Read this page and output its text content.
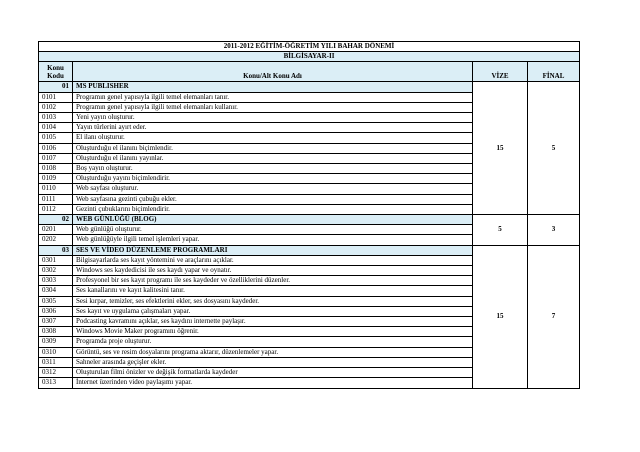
2011-2012 EĞİTİM-ÖĞRETİM YILI BAHAR DÖNEMİ			
BİLGİSAYAR-II			
Konu
Kodu	Konu/Alt Konu Adı	VİZE	FİNAL
01	MS PUBLISHER	15	5
0101	Programın genel yapısıyla ilgili temel elemanları tanır.		
0102	Programın genel yapısıyla ilgili temel elemanları kullanır.		
0103	Yeni yayın oluşturur.		
0104	Yayın türlerini ayırt eder.		
0105	El ilanı oluşturur.		
0106	Oluşturduğu el ilanını biçimlendir.		
0107	Oluşturduğu el ilanını yayınlar.		
0108	Boş yayın oluşturur.		
0109	Oluşturduğu yayını biçimlendirir.		
0110	Web sayfası oluşturur.		
0111	Web sayfasına gezinti çubuğu ekler.		
0112	Gezinti çubuklarını biçimlendirir.		
02	WEB GÜNLÜĞÜ (BLOG)	5	3
0201	Web günlüğü oluşturur.		
0202	Web günlüğüyle ilgili temel işlemleri yapar.		
03	SES VE VİDEO DÜZENLEME PROGRAMLARI	15	7
0301	Bilgisayarlarda ses kayıt yöntemini ve araçlarını açıklar.		
0302	Windows ses kaydedicisi ile ses kaydı yapar ve oynatır.		
0303	Profesyonel bir ses kayıt programı ile ses kaydeder ve özelliklerini düzenler.		
0304	Ses kanallarını ve kayıt kalitesini tanır.		
0305	Sesi kırpar, temizler, ses efektlerini ekler, ses dosyasını kaydeder.		
0306	Ses kayıt ve uygulama çalışmaları yapar.		
0307	Podcasting kavramını açıklar, ses kaydını internette paylaşır.		
0308	Windows Movie Maker programını öğrenir.		
0309	Programda proje oluşturur.		
0310	Görüntü, ses ve resim dosyalarını programa aktarır, düzenlemeler yapar.		
0311	Sahneler arasında geçişler ekler.		
0312	Oluşturulan filmi önizler ve değişik formatlarda kaydeder		
0313	İnternet üzerinden video paylaşımı yapar.		
